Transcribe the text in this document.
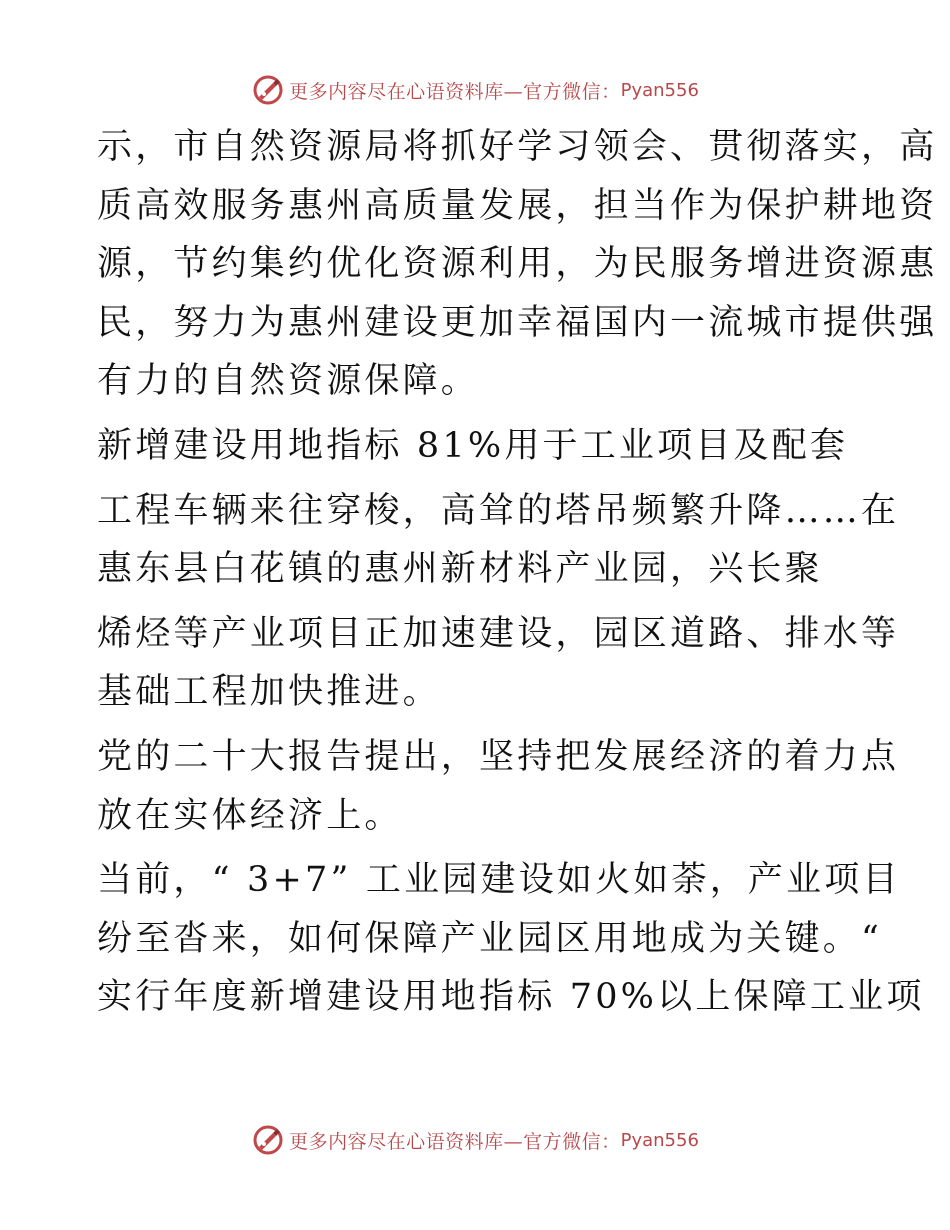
更多内容尽在心语资料库—官方微信： Pyan556

示，市自然资源局将抓好学习领会、贯彻落实，高
质高效服务惠州高质量发展，担当作为保护耕地资
源，节约集约优化资源利用，为民服务增进资源惠
民，努力为惠州建设更加幸福国内一流城市提供强
有力的自然资源保障。

新增建设用地指标 81%用于工业项目及配套

工程车辆来往穿梭，高耸的塔吊频繁升降……在
惠东县白花镇的惠州新材料产业园，兴长聚

烯烃等产业项目正加速建设，园区道路、排水等
基础工程加快推进。

党的二十大报告提出，坚持把发展经济的着力点
放在实体经济上。

当前，“ 3+7” 工业园建设如火如荼，产业项目
纷至沓来，如何保障产业园区用地成为关键。“
实行年度新增建设用地指标 70%以上保障工业项

更多内容尽在心语资料库—官方微信： Pyan556
